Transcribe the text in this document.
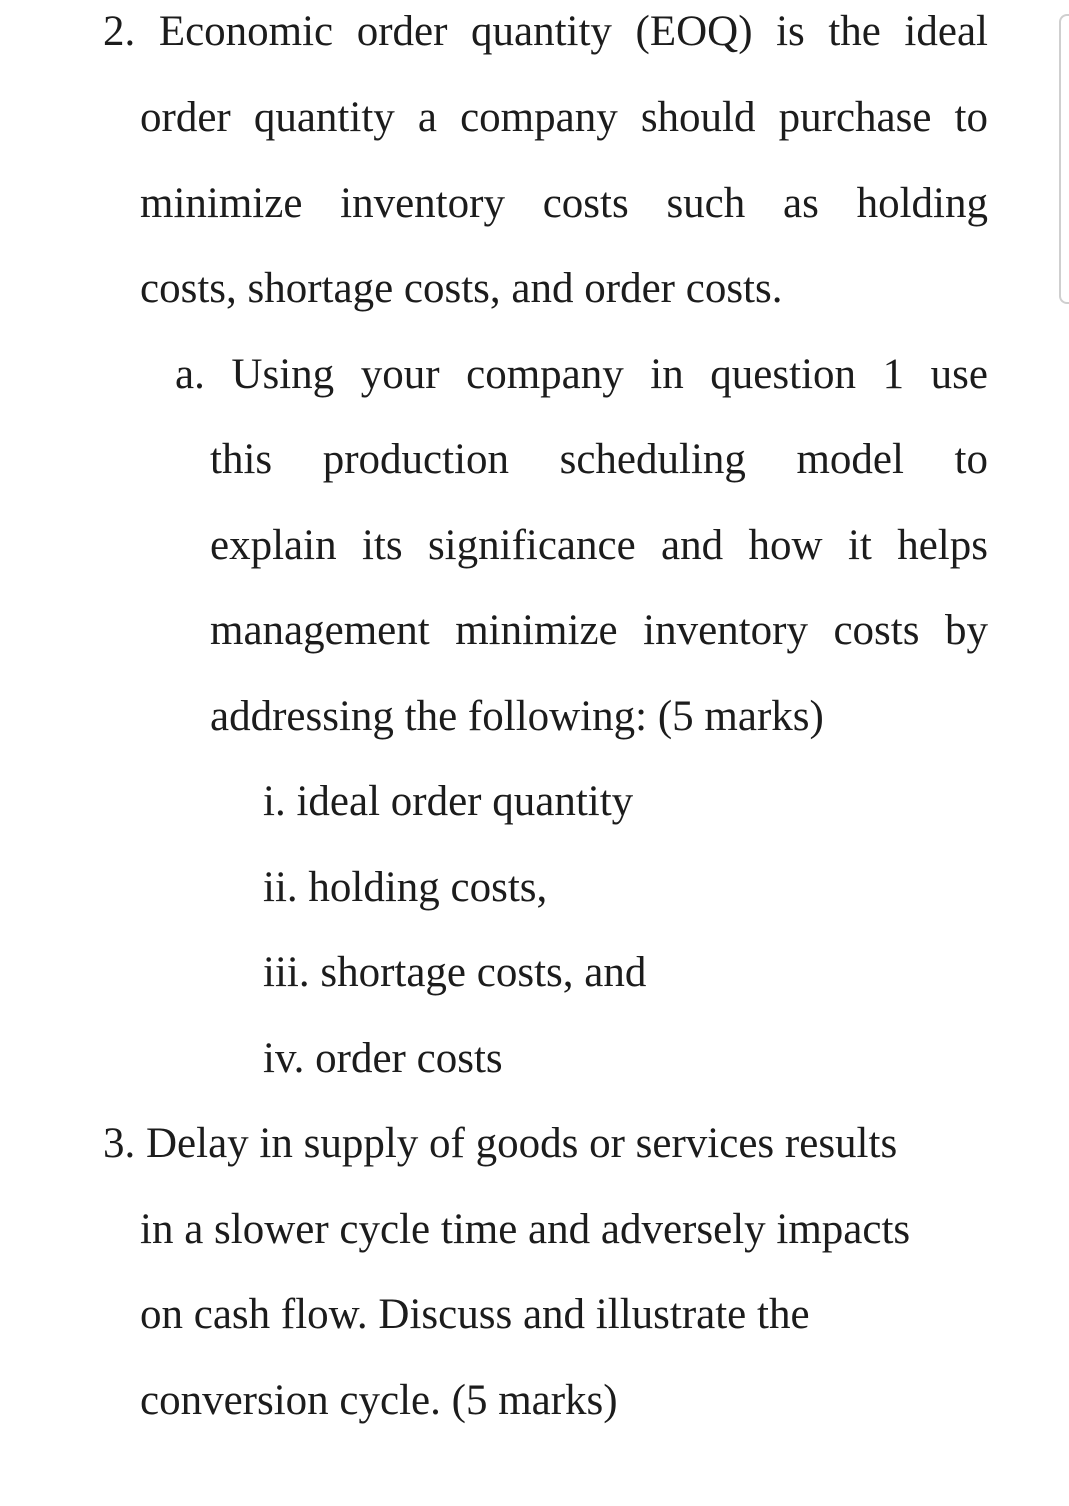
2. Economic order quantity (EOQ) is the ideal
order quantity a company should purchase to
minimize inventory costs such as holding
costs, shortage costs, and order costs.
a. Using your company in question 1 use
this production scheduling model to
explain its significance and how it helps
management minimize inventory costs by
addressing the following: (5 marks)
i. ideal order quantity
ii. holding costs,
iii. shortage costs, and
iv. order costs
3. Delay in supply of goods or services results
in a slower cycle time and adversely impacts
on cash flow. Discuss and illustrate the
conversion cycle. (5 marks)
